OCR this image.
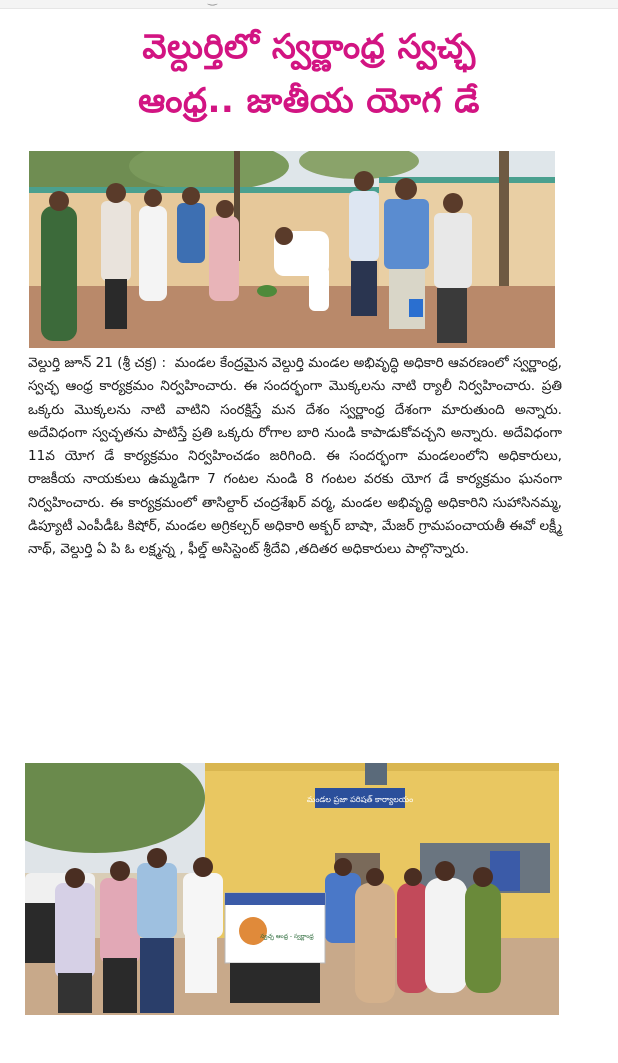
వెల్దుర్తిలో స్వర్ణాంధ్ర స్వచ్ఛ
ఆంధ్ర.. జాతీయ యోగ డే

వెల్దుర్తి జూన్ 21 (శ్రీ చక్ర) : మండల కేంద్రమైన వెల్దుర్తి మండల అభివృద్ధి అధికారి ఆవరణంలో స్వర్ణాంధ్ర, స్వచ్ఛ ఆంధ్ర కార్యక్రమం నిర్వహించారు. ఈ సందర్భంగా మొక్కలను నాటి ర్యాలీ నిర్వహించారు. ప్రతి ఒక్కరు మొక్కలను నాటి వాటిని సంరక్షిస్తే మన దేశం స్వర్ణాంధ్ర దేశంగా మారుతుంది అన్నారు. అదేవిధంగా స్వచ్ఛతను పాటిస్తే ప్రతి ఒక్కరు రోగాల బారి నుండి కాపాడుకోవచ్చని అన్నారు. అదేవిధంగా 11వ యోగ డే కార్యక్రమం నిర్వహించడం జరిగింది. ఈ సందర్భంగా మండలంలోని అధికారులు, రాజకీయ నాయకులు ఉమ్మడిగా 7 గంటల నుండి 8 గంటల వరకు యోగ డే కార్యక్రమం ఘనంగా నిర్వహించారు. ఈ కార్యక్రమంలో తాసిల్దార్ చంద్రశేఖర్ వర్మ, మండల అభివృద్ధి అధికారిని సుహాసినమ్మ, డిప్యూటీ ఎంపీడీఓ కిషోర్, మండల అగ్రికల్చర్ అధికారి అక్బర్ బాషా, మేజర్ గ్రామపంచాయతీ ఈవో లక్ష్మీ నాథ్, వెల్దుర్తి ఏ పి ఓ లక్ష్మన్న , ఫీల్డ్ అసిస్టెంట్ శ్రీదేవి ,తదితర అధికారులు పాల్గొన్నారు.

మండల ప్రజా పరిషత్ కార్యాలయం
స్వచ్ఛ ఆంధ్ర - స్వర్ణాంధ్ర
